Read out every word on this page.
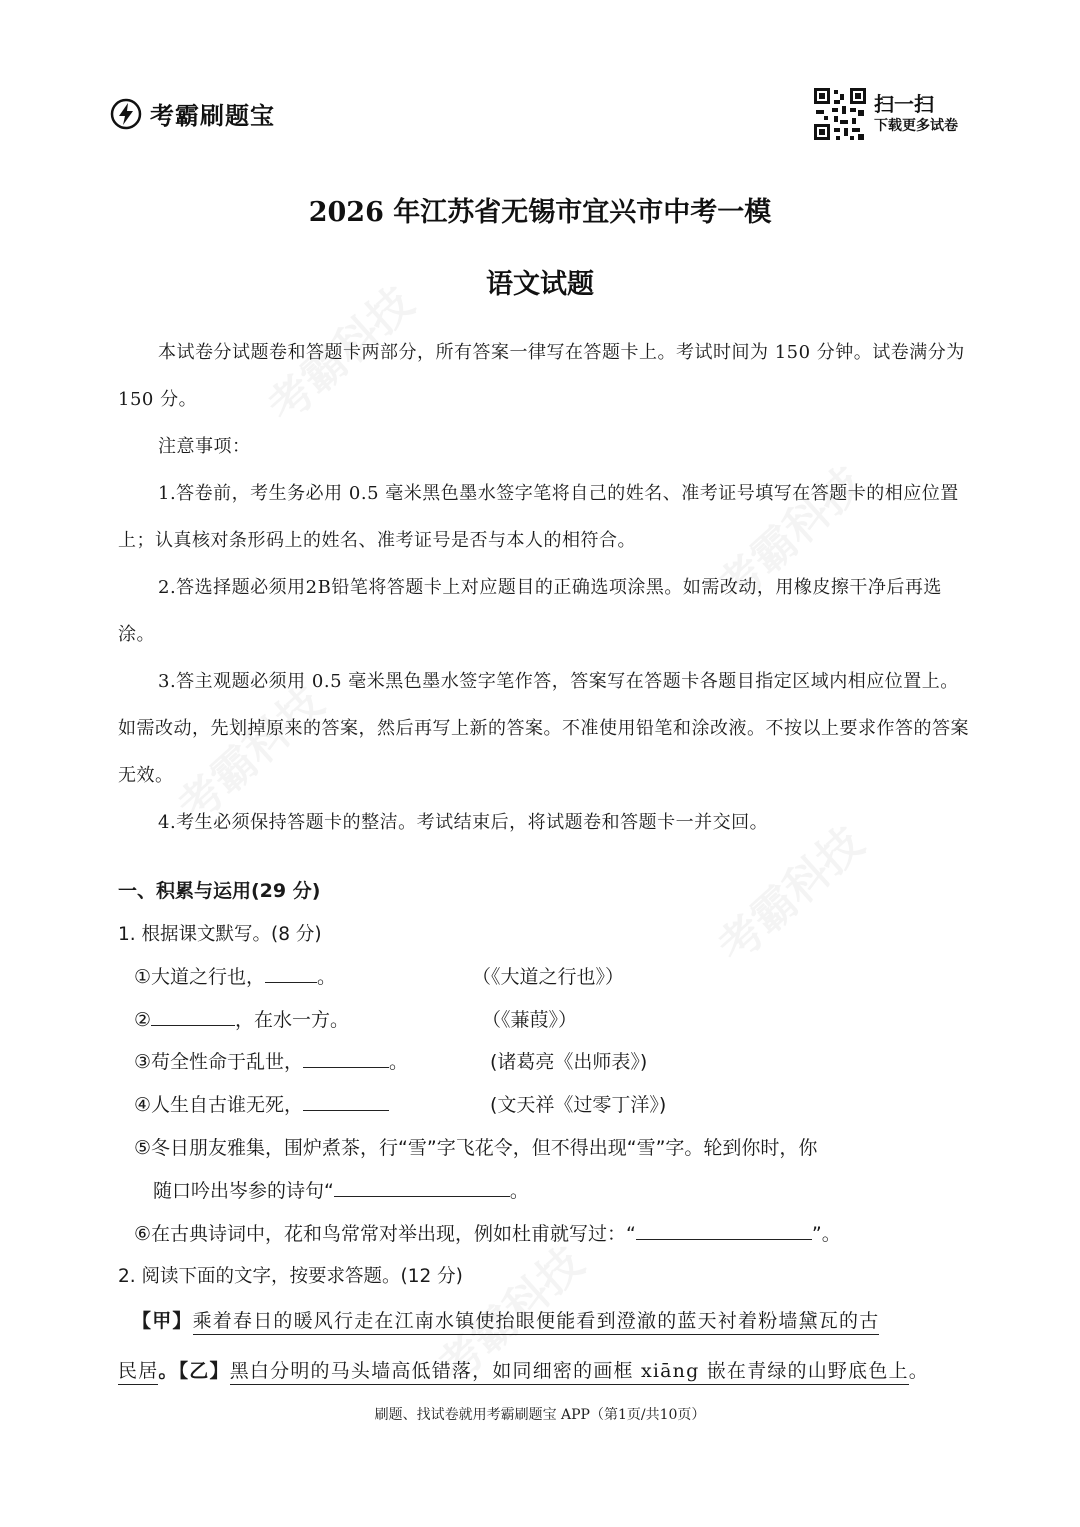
考霸科技
考霸科技
考霸科技
考霸科技
考霸科技
考霸刷题宝	扫一扫
下载更多试卷
2026 年江苏省无锡市宜兴市中考一模
语文试题

本试卷分试题卷和答题卡两部分，所有答案一律写在答题卡上。考试时间为 150 分钟。试卷满分为 150 分。

注意事项：

1.答卷前，考生务必用 0.5 毫米黑色墨水签字笔将自己的姓名、准考证号填写在答题卡的相应位置上；认真核对条形码上的姓名、准考证号是否与本人的相符合。

2.答选择题必须用2B铅笔将答题卡上对应题目的正确选项涂黑。如需改动，用橡皮擦干净后再选涂。

3.答主观题必须用 0.5 毫米黑色墨水签字笔作答，答案写在答题卡各题目指定区域内相应位置上。如需改动，先划掉原来的答案，然后再写上新的答案。不准使用铅笔和涂改液。不按以上要求作答的答案无效。

4.考生必须保持答题卡的整洁。考试结束后，将试题卷和答题卡一并交回。

一、积累与运用(29 分)
1. 根据课文默写。(8 分)
①大道之行也，	。	（《大道之行也》）
②	，在水一方。	（《蒹葭》）
③苟全性命于乱世，	。	(诸葛亮《出师表》)
④人生自古谁无死，	(文天祥《过零丁洋》)
⑤冬日朋友雅集，围炉煮茶，行“雪”字飞花令，但不得出现“雪”字。轮到你时，你
随口吟出岑参的诗句“	。
⑥在古典诗词中，花和鸟常常对举出现，例如杜甫就写过：“	”。
2. 阅读下面的文字，按要求答题。(12 分)
【甲】乘着春日的暖风行走在江南水镇使抬眼便能看到澄澈的蓝天衬着粉墙黛瓦的古
民居。【乙】黑白分明的马头墙高低错落，如同细密的画框 xiāng 嵌在青绿的山野底色上。
刷题、找试卷就用考霸刷题宝 APP（第1页/共10页）
